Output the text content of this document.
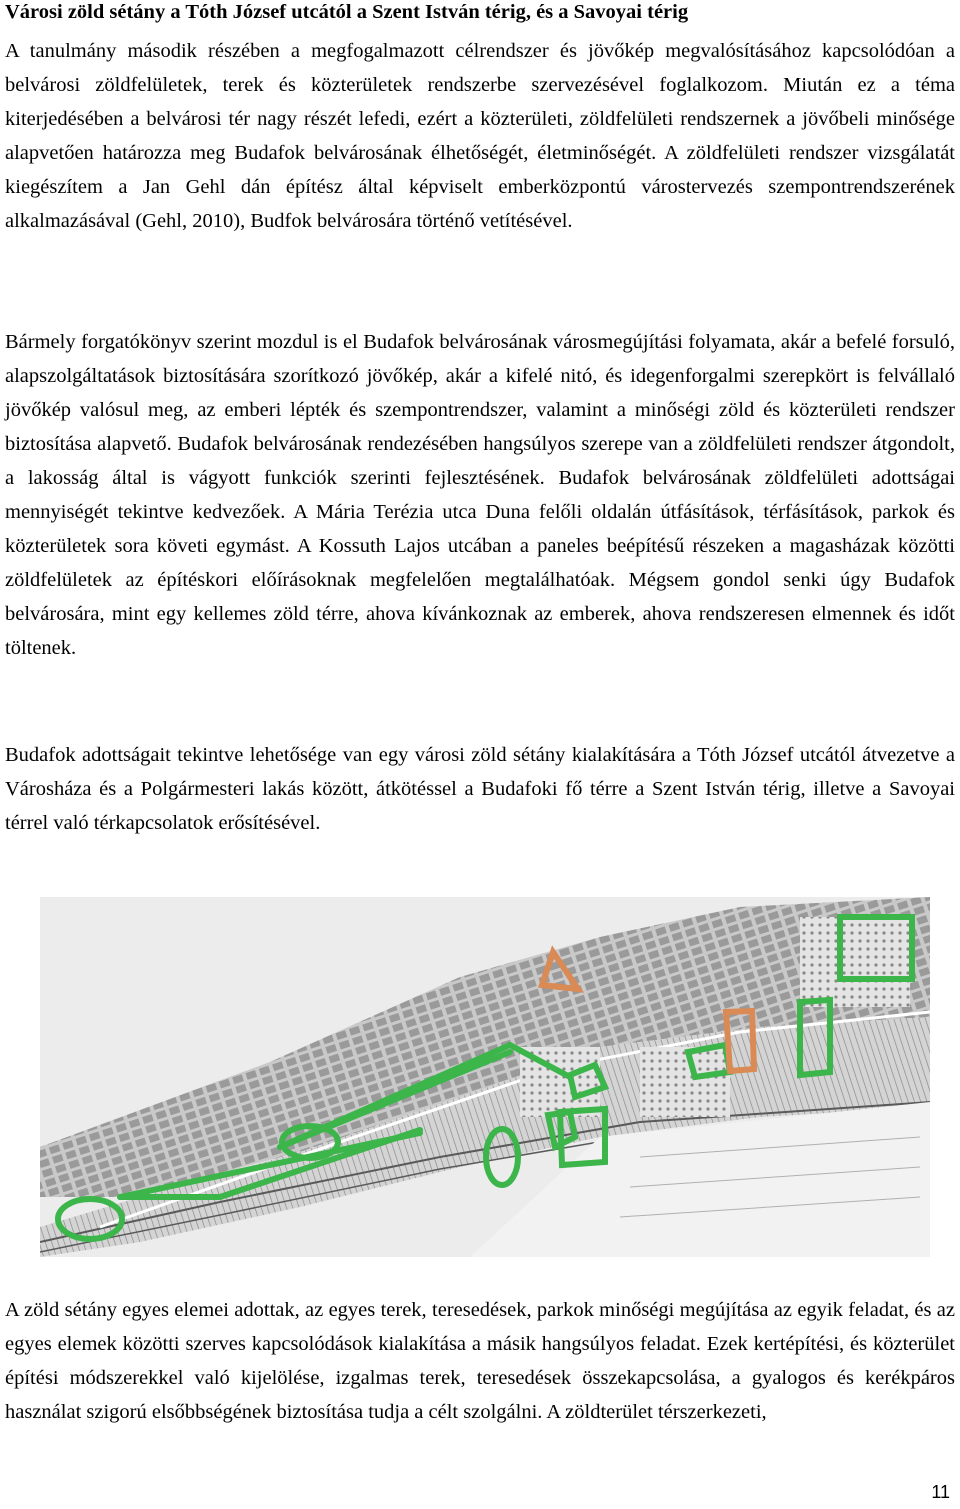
Városi zöld sétány a Tóth József utcától a Szent István térig, és a Savoyai térig

A tanulmány második részében a megfogalmazott célrendszer és jövőkép megvalósításához kapcsolódóan a belvárosi zöldfelületek, terek és közterületek rendszerbe szervezésével foglalkozom. Miután ez a téma kiterjedésében a belvárosi tér nagy részét lefedi, ezért a közterületi, zöldfelületi rendszernek a jövőbeli minősége alapvetően határozza meg Budafok belvárosának élhetőségét, életminőségét. A zöldfelületi rendszer vizsgálatát kiegészítem a Jan Gehl dán építész által képviselt emberközpontú várostervezés szempontrendszerének alkalmazásával (Gehl, 2010), Budfok belvárosára történő vetítésével.

Bármely forgatókönyv szerint mozdul is el Budafok belvárosának városmegújítási folyamata, akár a befelé forsuló, alapszolgáltatások biztosítására szorítkozó jövőkép, akár a kifelé nitó, és idegenforgalmi szerepkört is felvállaló jövőkép valósul meg, az emberi lépték és szempontrendszer, valamint a minőségi zöld és közterületi rendszer biztosítása alapvető. Budafok belvárosának rendezésében hangsúlyos szerepe van a zöldfelületi rendszer átgondolt, a lakosság által is vágyott funkciók szerinti fejlesztésének. Budafok belvárosának zöldfelületi adottságai mennyiségét tekintve kedvezőek. A Mária Terézia utca Duna felőli oldalán útfásítások, térfásítások, parkok és közterületek sora követi egymást. A Kossuth Lajos utcában a paneles beépítésű részeken a magasházak közötti zöldfelületek az építéskori előírásoknak megfelelően megtalálhatóak. Mégsem gondol senki úgy Budafok belvárosára, mint egy kellemes zöld térre, ahova kívánkoznak az emberek, ahova rendszeresen elmennek és időt töltenek.

Budafok adottságait tekintve lehetősége van egy városi zöld sétány kialakítására a Tóth József utcától átvezetve a Városháza és a Polgármesteri lakás között, átkötéssel a Budafoki fő térre a Szent István térig, illetve a Savoyai térrel való térkapcsolatok erősítésével.

A zöld sétány egyes elemei adottak, az egyes terek, teresedések, parkok minőségi megújítása az egyik feladat, és az egyes elemek közötti szerves kapcsolódások kialakítása a másik hangsúlyos feladat. Ezek kertépítési, és közterület építési módszerekkel való kijelölése, izgalmas terek, teresedések összekapcsolása, a gyalogos és kerékpáros használat szigorú elsőbbségének biztosítása tudja a célt szolgálni. A zöldterület térszerkezeti,

11
